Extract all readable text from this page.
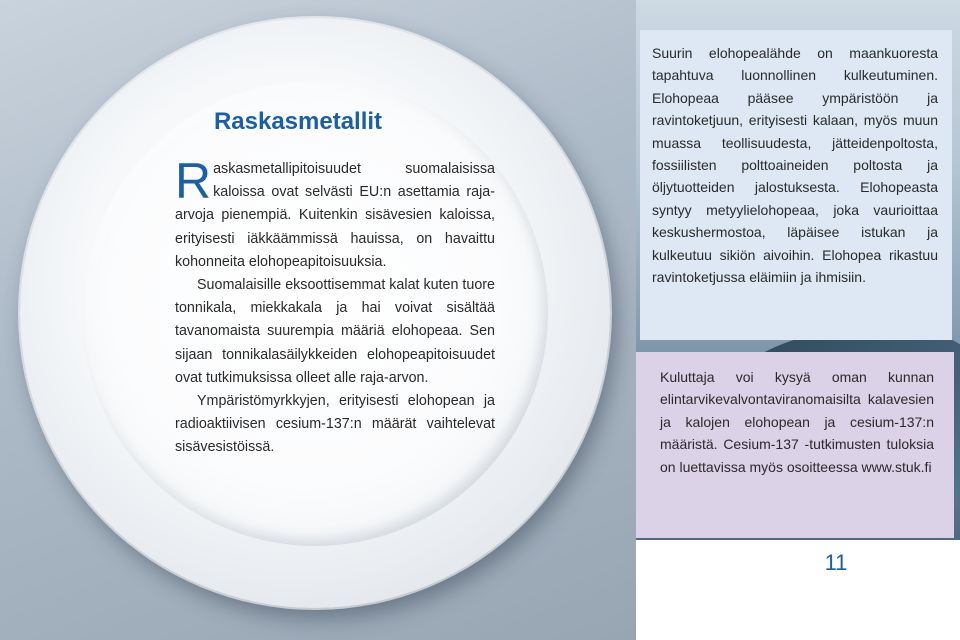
Raskasmetallit

Raskasmetallipitoisuudet suomalaisissa kaloissa ovat selvästi EU:n asettamia raja-arvoja pienempiä. Kuitenkin sisävesien kaloissa, erityisesti iäkkäämmissä hauissa, on havaittu kohonneita elohopeapitoisuuksia.

Suomalaisille eksoottisemmat kalat kuten tuore tonnikala, miekkakala ja hai voivat sisältää tavanomaista suurempia määriä elohopeaa. Sen sijaan tonnikalasäilykkeiden elohopeapitoisuudet ovat tutkimuksissa olleet alle raja-arvon.

Ympäristömyrkkyjen, erityisesti elohopean ja radioaktiivisen cesium-137:n määrät vaihtelevat sisävesistöissä.

Suurin elohopealähde on maankuoresta tapahtuva luonnollinen kulkeutuminen. Elohopeaa pääsee ympäristöön ja ravintoketjuun, erityisesti kalaan, myös muun muassa teollisuudesta, jätteidenpoltosta, fossiilisten polttoaineiden poltosta ja öljytuotteiden jalostuksesta. Elohopeasta syntyy metyylielohopeaa, joka vaurioittaa keskushermostoa, läpäisee istukan ja kulkeutuu sikiön aivoihin. Elohopea rikastuu ravintoketjussa eläimiin ja ihmisiin.

Kuluttaja voi kysyä oman kunnan elintarvikevalvontaviranomaisilta kalavesien ja kalojen elohopean ja cesium-137:n määristä. Cesium-137 -tutkimusten tuloksia on luettavissa myös osoitteessa www.stuk.fi

11
